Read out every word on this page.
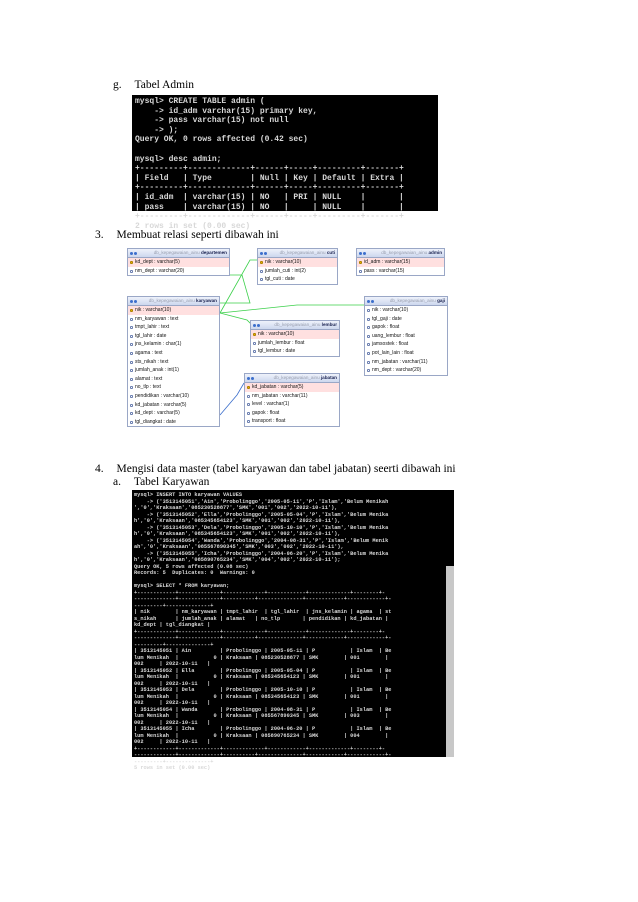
g. Tabel Admin
mysql> CREATE TABLE admin (
-> id_adm varchar(15) primary key,
-> pass varchar(15) not null
-> );
Query OK, 0 rows affected (0.42 sec)

mysql> desc admin;
+---------+-------------+------+-----+---------+-------+
| Field   | Type        | Null | Key | Default | Extra |
+---------+-------------+------+-----+---------+-------+
| id_adm  | varchar(15) | NO   | PRI | NULL    |       |
| pass    | varchar(15) | NO   |     | NULL    |       |
+---------+-------------+------+-----+---------+-------+
2 rows in set (0.00 sec)
3. Membuat relasi seperti dibawah ini
db_kepegawaian_ainu departemen
kd_dept : varchar(5)
nm_dept : varchar(20)
db_kepegawaian_ainu cuti
nik : varchar(10)
jumlah_cuti : int(2)
tgl_cuti : date
db_kepegawaian_ainu admin
id_adm : varchar(15)
pass : varchar(15)
db_kepegawaian_ainu karyawan
nik : varchar(10)
nm_karyawan : text
tmpt_lahir : text
tgl_lahir : date
jns_kelamin : char(1)
agama : text
sts_nikah : text
jumlah_anak : int(1)
alamat : text
no_tlp : text
pendidikan : varchar(10)
kd_jabatan : varchar(5)
kd_dept : varchar(5)
tgl_diangkat : date
db_kepegawaian_ainu lembur
nik : varchar(10)
jumlah_lembur : float
tgl_lembur : date
db_kepegawaian_ainu gaji
nik : varchar(10)
tgl_gaji : date
gapok : float
uang_lembur : float
jamsostek : float
pot_lain_lain : float
nm_jabatan : varchar(11)
nm_dept : varchar(20)
db_kepegawaian_ainu jabatan
kd_jabatan : varchar(5)
nm_jabatan : varchar(11)
level : varchar(1)
gapok : float
transport : float
4. Mengisi data master (tabel karyawan dan tabel jabatan) seerti dibawah ini
a. Tabel Karyawan
mysql> INSERT INTO karyawan VALUES
-> ('3513145051','Ain','Probolinggo','2005-05-11','P','Islam','Belum Menikah
','0','Kraksaan','085230528877','SMK','001','002','2022-10-11'),
-> ('3513145052','Ella','Probolinggo','2005-05-04','P','Islam','Belum Menika
h','0','Kraksaan','085345654123','SMK','001','002','2022-10-11'),
-> ('3513145053','Dela','Probolinggo','2005-10-10','P','Islam','Belum Menika
h','0','Kraksaan','085345654123','SMK','001','002','2022-10-11'),
-> ('3513145054','Wanda','Probolinggo','2004-08-31','P','Islam','Belum Menik
ah','0','Kraksaan','085567890345','SMK','003','002','2022-10-11'),
-> ('3513145055','Icha','Probolinggo','2004-06-20','P','Islam','Belum Menika
h','0','Kraksaan','085890765234','SMK','004','002','2022-10-11');
Query OK, 5 rows affected (0.08 sec)
Records: 5  Duplicates: 0  Warnings: 0

mysql> SELECT * FROM karyawan;
+------------+-------------+-------------+------------+-------------+--------+-
-------------+-------------+----------+--------------+------------+------------+-
---------+--------------+
| nik        | nm_karyawan | tmpt_lahir  | tgl_lahir  | jns_kelamin | agama  | st
s_nikah      | jumlah_anak | alamat   | no_tlp       | pendidikan | kd_jabatan |
kd_dept | tgl_diangkat |
+------------+-------------+-------------+------------+-------------+--------+-
-------------+-------------+----------+--------------+------------+------------+-
---------+--------------+
| 3513145051 | Ain         | Probolinggo | 2005-05-11 | P           | Islam  | Be
lum Menikah  |           0 | Kraksaan | 085230528877 | SMK        | 001        |
002     | 2022-10-11   |
| 3513145052 | Ella        | Probolinggo | 2005-05-04 | P           | Islam  | Be
lum Menikah  |           0 | Kraksaan | 085345654123 | SMK        | 001        |
002     | 2022-10-11   |
| 3513145053 | Dela        | Probolinggo | 2005-10-10 | P           | Islam  | Be
lum Menikah  |           0 | Kraksaan | 085345654123 | SMK        | 001        |
002     | 2022-10-11   |
| 3513145054 | Wanda       | Probolinggo | 2004-08-31 | P           | Islam  | Be
lum Menikah  |           0 | Kraksaan | 085567890345 | SMK        | 003        |
002     | 2022-10-11   |
| 3513145055 | Icha        | Probolinggo | 2004-06-20 | P           | Islam  | Be
lum Menikah  |           0 | Kraksaan | 085890765234 | SMK        | 004        |
002     | 2022-10-11   |
+------------+-------------+-------------+------------+-------------+--------+-
-------------+-------------+----------+--------------+------------+------------+-
---------+--------------+
5 rows in set (0.00 sec)
